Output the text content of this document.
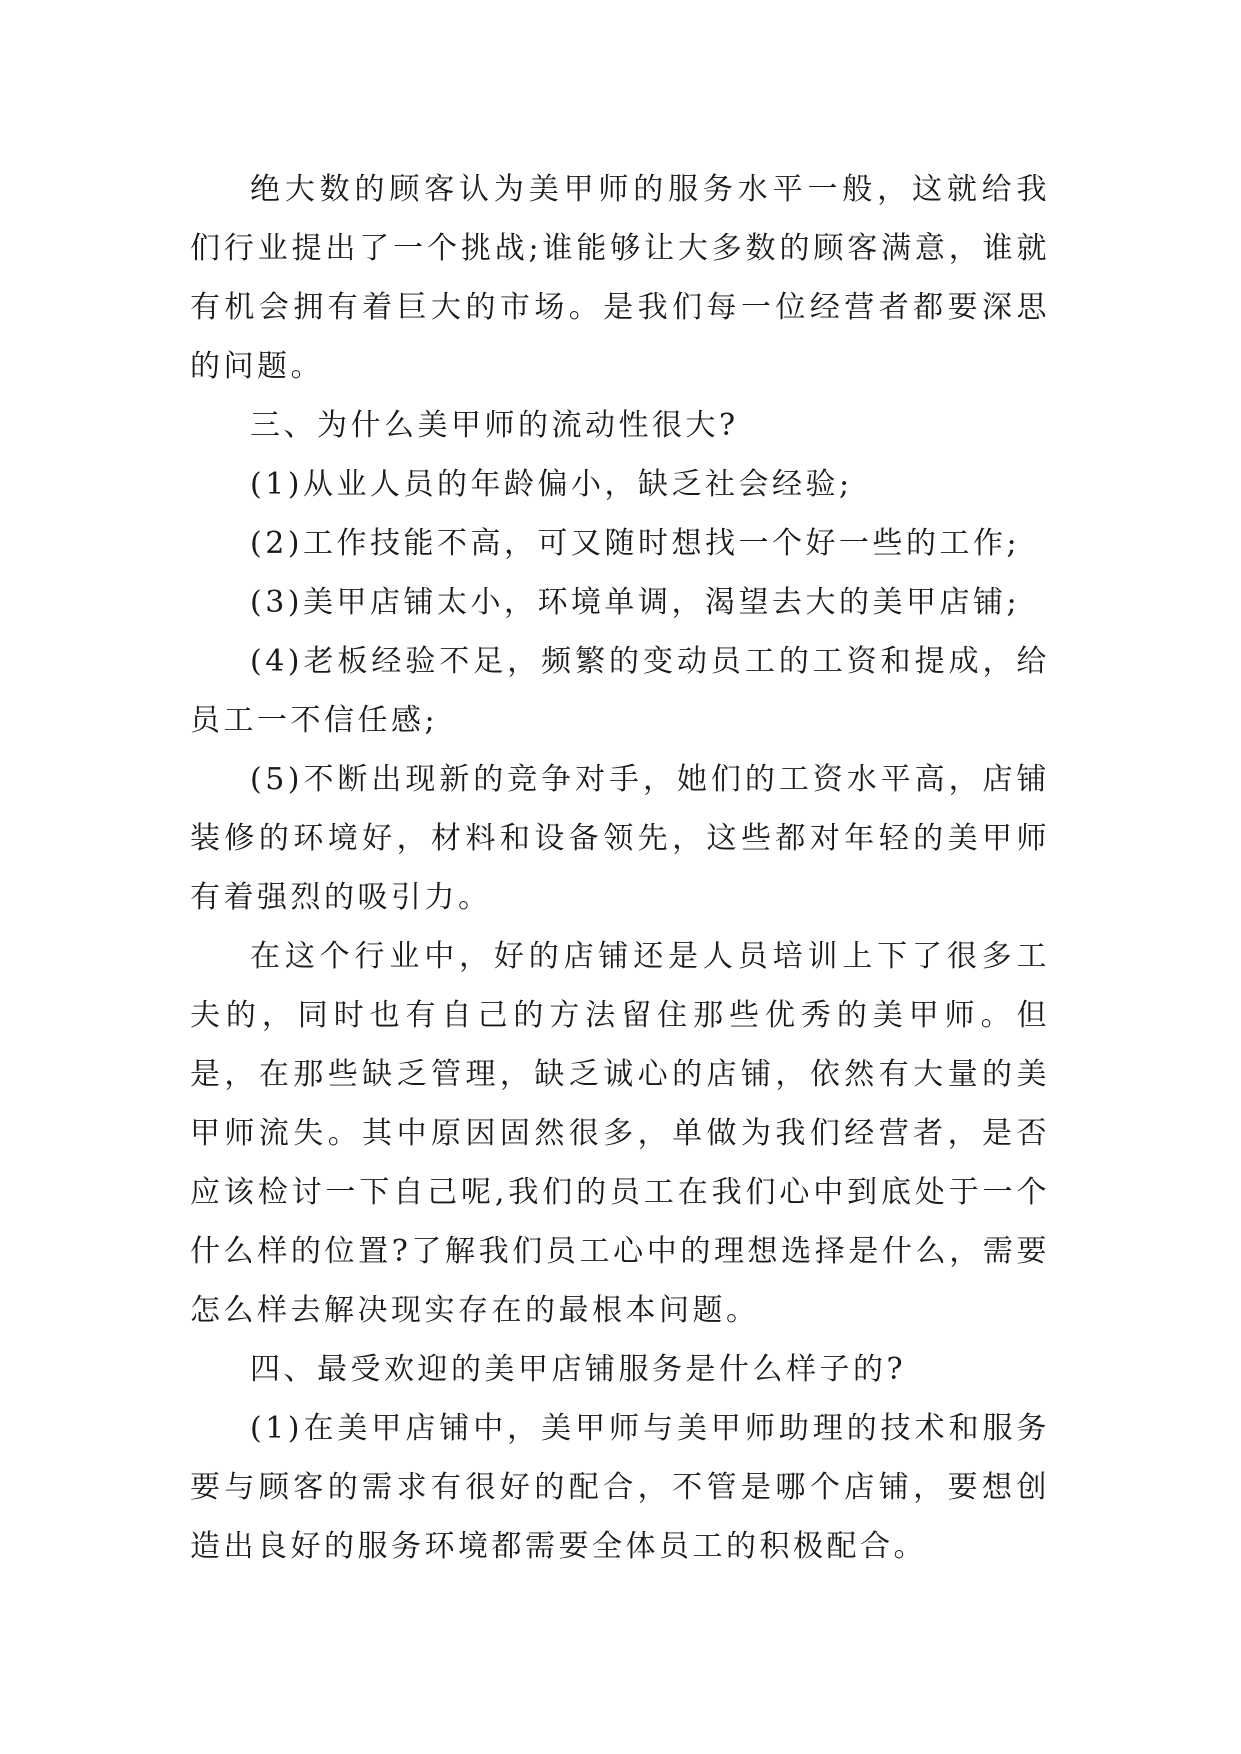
绝大数的顾客认为美甲师的服务水平一般，这就给我们行业提出了一个挑战;谁能够让大多数的顾客满意，谁就有机会拥有着巨大的市场。是我们每一位经营者都要深思的问题。

三、为什么美甲师的流动性很大?

(1)从业人员的年龄偏小，缺乏社会经验;

(2)工作技能不高，可又随时想找一个好一些的工作;

(3)美甲店铺太小，环境单调，渴望去大的美甲店铺;

(4)老板经验不足，频繁的变动员工的工资和提成，给员工一不信任感;

(5)不断出现新的竞争对手，她们的工资水平高，店铺装修的环境好，材料和设备领先，这些都对年轻的美甲师有着强烈的吸引力。

在这个行业中，好的店铺还是人员培训上下了很多工夫的，同时也有自己的方法留住那些优秀的美甲师。但是，在那些缺乏管理，缺乏诚心的店铺，依然有大量的美甲师流失。其中原因固然很多，单做为我们经营者，是否应该检讨一下自己呢,我们的员工在我们心中到底处于一个什么样的位置?了解我们员工心中的理想选择是什么，需要怎么样去解决现实存在的最根本问题。

四、最受欢迎的美甲店铺服务是什么样子的?

(1)在美甲店铺中，美甲师与美甲师助理的技术和服务要与顾客的需求有很好的配合，不管是哪个店铺，要想创造出良好的服务环境都需要全体员工的积极配合。
